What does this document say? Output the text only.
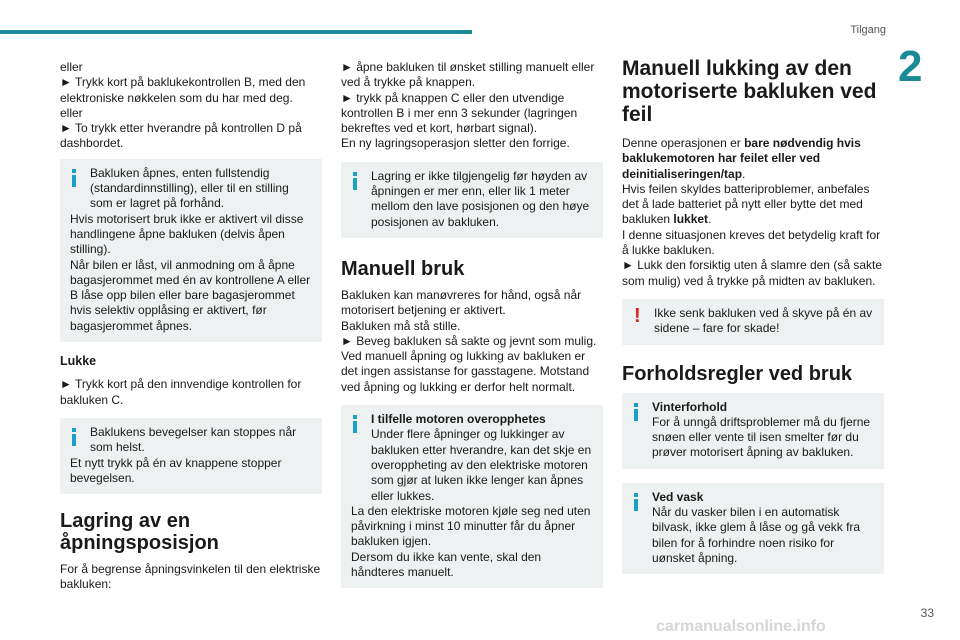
Tilgang
2
33
eller
► Trykk kort på baklukekontrollen B, med den elektroniske nøkkelen som du har med deg.
eller
► To trykk etter hverandre på kontrollen D på dashbordet.
Bakluken åpnes, enten fullstendig (standardinnstilling), eller til en stilling som er lagret på forhånd.
Hvis motorisert bruk ikke er aktivert vil disse handlingene åpne bakluken (delvis åpen stilling).
Når bilen er låst, vil anmodning om å åpne bagasjerommet med én av kontrollene A eller B låse opp bilen eller bare bagasjerommet hvis selektiv opplåsing er aktivert, før bagasjerommet åpnes.
Lukke
► Trykk kort på den innvendige kontrollen for bakluken C.
Baklukens bevegelser kan stoppes når som helst.
Et nytt trykk på én av knappene stopper bevegelsen.
Lagring av en åpningsposisjon
For å begrense åpningsvinkelen til den elektriske bakluken:
► åpne bakluken til ønsket stilling manuelt eller ved å trykke på knappen.
► trykk på knappen C eller den utvendige kontrollen B i mer enn 3 sekunder (lagringen bekreftes ved et kort, hørbart signal).
En ny lagringsoperasjon sletter den forrige.
Lagring er ikke tilgjengelig før høyden av åpningen er mer enn, eller lik 1 meter mellom den lave posisjonen og den høye posisjonen av bakluken.
Manuell bruk
Bakluken kan manøvreres for hånd, også når motorisert betjening er aktivert.
Bakluken må stå stille.
► Beveg bakluken så sakte og jevnt som mulig.
Ved manuell åpning og lukking av bakluken er det ingen assistanse for gasstagene. Motstand ved åpning og lukking er derfor helt normalt.
I tilfelle motoren overopphetes
Under flere åpninger og lukkinger av bakluken etter hverandre, kan det skje en overoppheting av den elektriske motoren som gjør at luken ikke lenger kan åpnes eller lukkes.
La den elektriske motoren kjøle seg ned uten påvirkning i minst 10 minutter får du åpner bakluken igjen.
Dersom du ikke kan vente, skal den håndteres manuelt.
Manuell lukking av den motoriserte bakluken ved feil
Denne operasjonen er bare nødvendig hvis baklukemotoren har feilet eller ved deinitialiseringen/tap.
Hvis feilen skyldes batteriproblemer, anbefales det å lade batteriet på nytt eller bytte det med bakluken lukket.
I denne situasjonen kreves det betydelig kraft for å lukke bakluken.
► Lukk den forsiktig uten å slamre den (så sakte som mulig) ved å trykke på midten av bakluken.
!	Ikke senk bakluken ved å skyve på én av sidene – fare for skade!
Forholdsregler ved bruk
Vinterforhold
For å unngå driftsproblemer må du fjerne snøen eller vente til isen smelter før du prøver motorisert åpning av bakluken.
Ved vask
Når du vasker bilen i en automatisk bilvask, ikke glem å låse og gå vekk fra bilen for å forhindre noen risiko for uønsket åpning.
carmanualsonline.info
